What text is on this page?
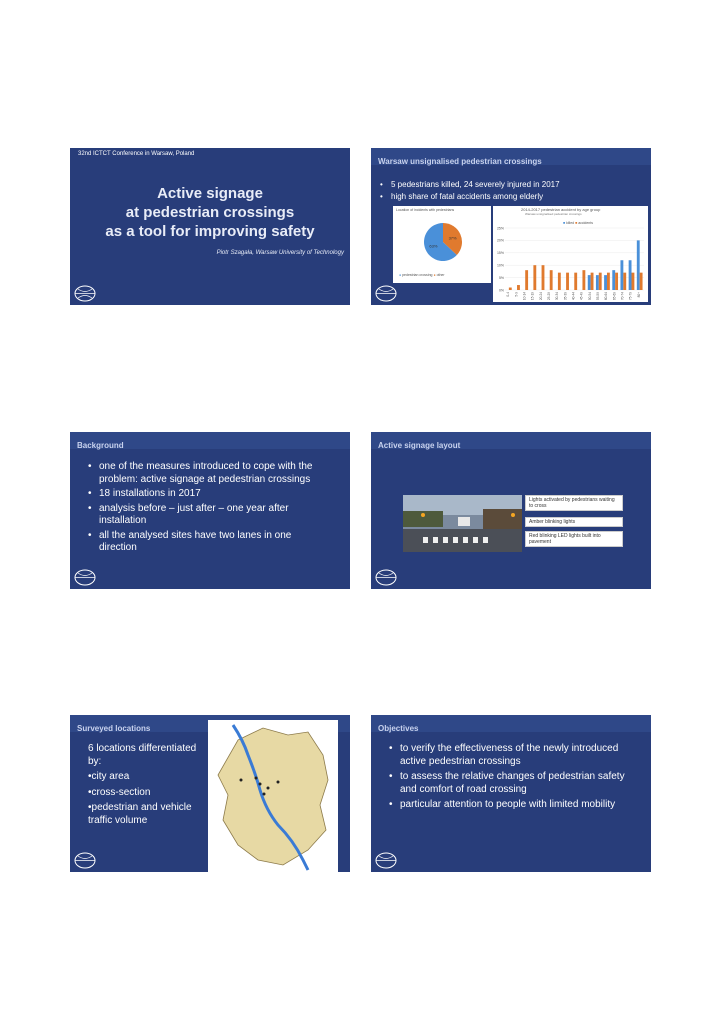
32nd ICTCT Conference in Warsaw, Poland
Active signage
at pedestrian crossings
as a tool for improving safety
Piotr Szagała, Warsaw University of Technology
Warsaw unsignalised pedestrian crossings
• 5 pedestrians killed, 24 severely injured in 2017
• high share of fatal accidents among elderly
Location of incidents with pedestrians
63%
37%
● pedestrian crossing ● other
2014-2017 pedestrian accident by age group
Warsaw unsignalised pedestrian crossings
■ killed ■ accidents
0%
5%
10%
15%
20%
25%
0-4 5-9 10-14 15-19 20-24 25-29 30-34 35-39 40-44 45-49 50-54 55-59 60-64 65-69 70-74 75-79 80+
Background
• one of the measures introduced to cope with the problem: active signage at pedestrian crossings
• 18 installations in 2017
• analysis before – just after – one year after installation
• all the analysed sites have two lanes in one direction
Active signage layout
Lights activated by pedestrians waiting to cross
Amber blinking lights
Red blinking LED lights built into pavement
Surveyed locations

6 locations differentiated by:

•city area

•cross-section

•pedestrian and vehicle traffic volume

Objectives
• to verify the effectiveness of the newly introduced active pedestrian crossings
• to assess the relative changes of pedestrian safety and comfort of road crossing
• particular attention to people with limited mobility
